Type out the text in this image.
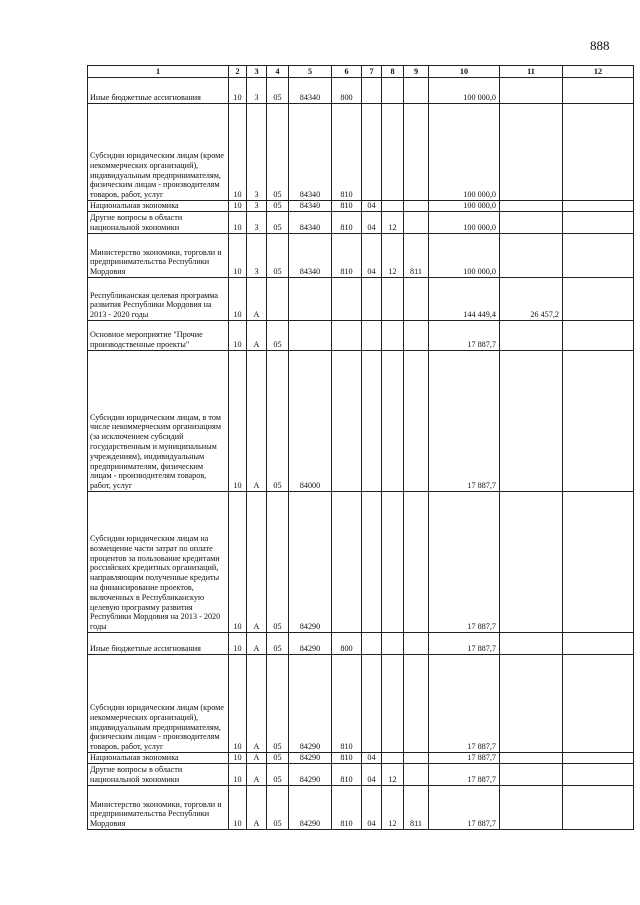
888
1	2	3	4	5	6	7	8	9	10	11	12
Иные бюджетные ассигнования	10	3	05	84340	800				100 000,0		
Субсидии юридическим лицам (кроме некоммерческих организаций), индивидуальным предпринимателям, физическим лицам - производителям товаров, работ, услуг	10	3	05	84340	810				100 000,0		
Национальная экономика	10	3	05	84340	810	04			100 000,0		
Другие вопросы в области национальной экономики	10	3	05	84340	810	04	12		100 000,0		
Министерство экономики, торговли и предпринимательства Республики Мордовия	10	3	05	84340	810	04	12	811	100 000,0		
Республиканская целевая программа развития Республики Мордовия на 2013 - 2020 годы	10	А							144 449,4	26 457,2	
Основное мероприятие "Прочие производственные проекты"	10	А	05						17 887,7		
Субсидии юридическим лицам, в том числе некоммерческим организациям (за исключением субсидий государственным и муниципальным учреждениям), индивидуальным предпринимателям, физическим лицам - производителям товаров, работ, услуг	10	А	05	84000					17 887,7		
Субсидии юридическим лицам на возмещение части затрат по оплате процентов за пользование кредитами российских кредитных организаций, направляющим полученные кредиты на финансирование проектов, включенных в Республиканскую целевую программу развития Республики Мордовия на 2013 - 2020 годы	10	А	05	84290					17 887,7		
Иные бюджетные ассигнования	10	А	05	84290	800				17 887,7		
Субсидии юридическим лицам (кроме некоммерческих организаций), индивидуальным предпринимателям, физическим лицам - производителям товаров, работ, услуг	10	А	05	84290	810				17 887,7		
Национальная экономика	10	А	05	84290	810	04			17 887,7		
Другие вопросы в области национальной экономики	10	А	05	84290	810	04	12		17 887,7		
Министерство экономики, торговли и предпринимательства Республики Мордовия	10	А	05	84290	810	04	12	811	17 887,7		
